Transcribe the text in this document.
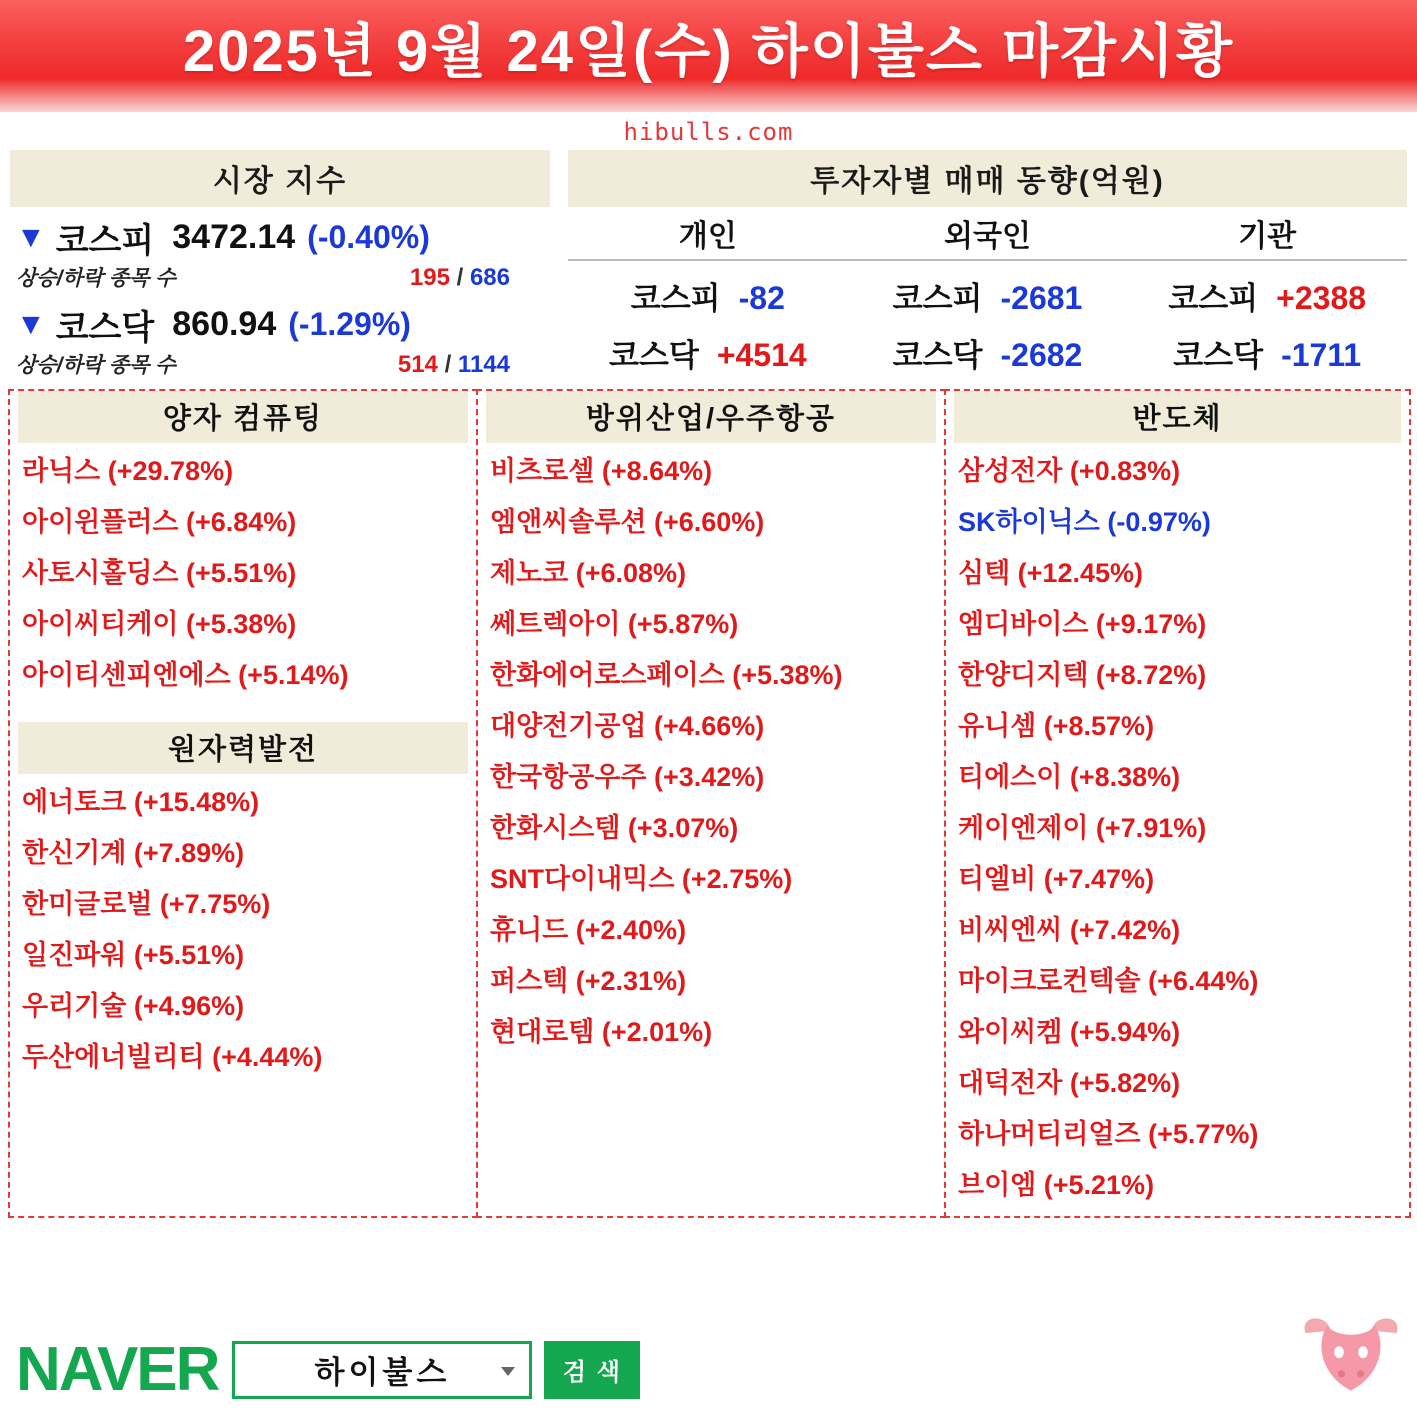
2025년 9월 24일(수) 하이불스 마감시황
hibulls.com
시장 지수
▼ 코스피 3472.14 (-0.40%)
상승/하락 종목 수	195 / 686
▼ 코스닥 860.94 (-1.29%)
상승/하락 종목 수	514 / 1144
투자자별 매매 동향(억원)
개인	외국인	기관
코스피 -82	코스피 -2681	코스피 +2388
코스닥 +4514	코스닥 -2682	코스닥 -1711
양자 컴퓨팅
라닉스 (+29.78%)
아이윈플러스 (+6.84%)
사토시홀딩스 (+5.51%)
아이씨티케이 (+5.38%)
아이티센피엔에스 (+5.14%)
원자력발전
에너토크 (+15.48%)
한신기계 (+7.89%)
한미글로벌 (+7.75%)
일진파워 (+5.51%)
우리기술 (+4.96%)
두산에너빌리티 (+4.44%)
방위산업/우주항공
비츠로셀 (+8.64%)
엠앤씨솔루션 (+6.60%)
제노코 (+6.08%)
쎄트렉아이 (+5.87%)
한화에어로스페이스 (+5.38%)
대양전기공업 (+4.66%)
한국항공우주 (+3.42%)
한화시스템 (+3.07%)
SNT다이내믹스 (+2.75%)
휴니드 (+2.40%)
퍼스텍 (+2.31%)
현대로템 (+2.01%)
반도체
삼성전자 (+0.83%)
SK하이닉스 (-0.97%)
심텍 (+12.45%)
엠디바이스 (+9.17%)
한양디지텍 (+8.72%)
유니셈 (+8.57%)
티에스이 (+8.38%)
케이엔제이 (+7.91%)
티엘비 (+7.47%)
비씨엔씨 (+7.42%)
마이크로컨텍솔 (+6.44%)
와이씨켐 (+5.94%)
대덕전자 (+5.82%)
하나머티리얼즈 (+5.77%)
브이엠 (+5.21%)
NAVER	하이불스	검 색
